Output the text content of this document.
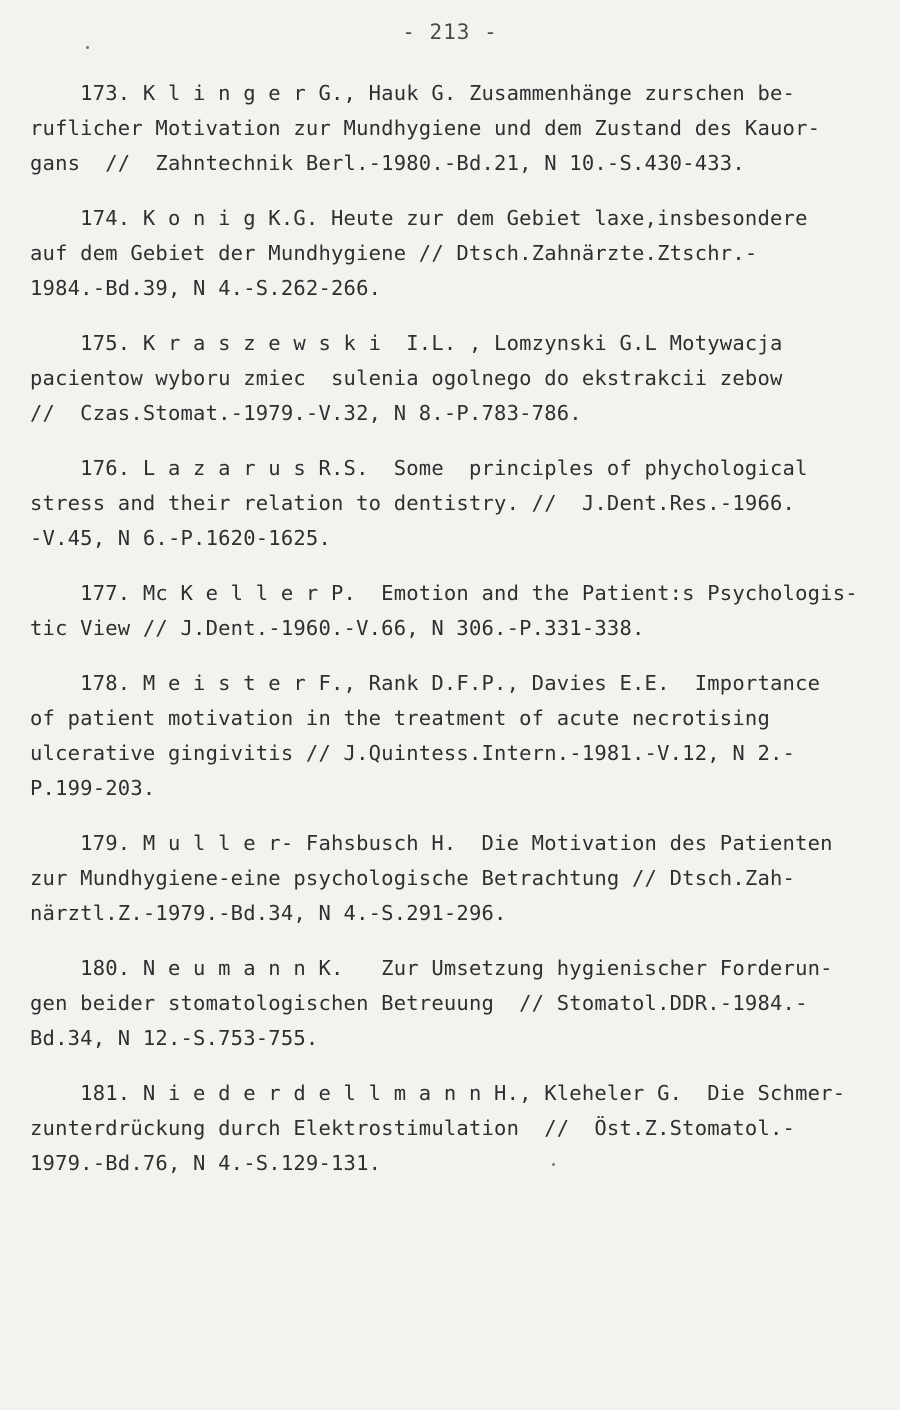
- 213 -
173. K l i n g e r G., Hauk G. Zusammenhänge zurschen be-
ruflicher Motivation zur Mundhygiene und dem Zustand des Kauor-
gans  //  Zahntechnik Berl.-1980.-Bd.21, N 10.-S.430-433.
174. K o n i g K.G. Heute zur dem Gebiet laxe,insbesondere
auf dem Gebiet der Mundhygiene // Dtsch.Zahnärzte.Ztschr.-
1984.-Bd.39, N 4.-S.262-266.
175. K r a s z e w s k i  I.L. , Lomzynski G.L Motywacja
pacientow wyboru zmiec  sulenia ogolnego do ekstrakcii zebow
//  Czas.Stomat.-1979.-V.32, N 8.-P.783-786.
176. L a z a r u s R.S.  Some  principles of phychological
stress and their relation to dentistry. //  J.Dent.Res.-1966.
-V.45, N 6.-P.1620-1625.
177. Mc K e l l e r P.  Emotion and the Patient:s Psychologis-
tic View // J.Dent.-1960.-V.66, N 306.-P.331-338.
178. M e i s t e r F., Rank D.F.P., Davies E.E.  Importance
of patient motivation in the treatment of acute necrotising
ulcerative gingivitis // J.Quintess.Intern.-1981.-V.12, N 2.-
P.199-203.
179. M u l l e r- Fahsbusch H.  Die Motivation des Patienten
zur Mundhygiene-eine psychologische Betrachtung // Dtsch.Zah-
närztl.Z.-1979.-Bd.34, N 4.-S.291-296.
180. N e u m a n n K.   Zur Umsetzung hygienischer Forderun-
gen beider stomatologischen Betreuung  // Stomatol.DDR.-1984.-
Bd.34, N 12.-S.753-755.
181. N i e d e r d e l l m a n n H., Kleheler G.  Die Schmer-
zunterdrückung durch Elektrostimulation  //  Öst.Z.Stomatol.-
1979.-Bd.76, N 4.-S.129-131.
